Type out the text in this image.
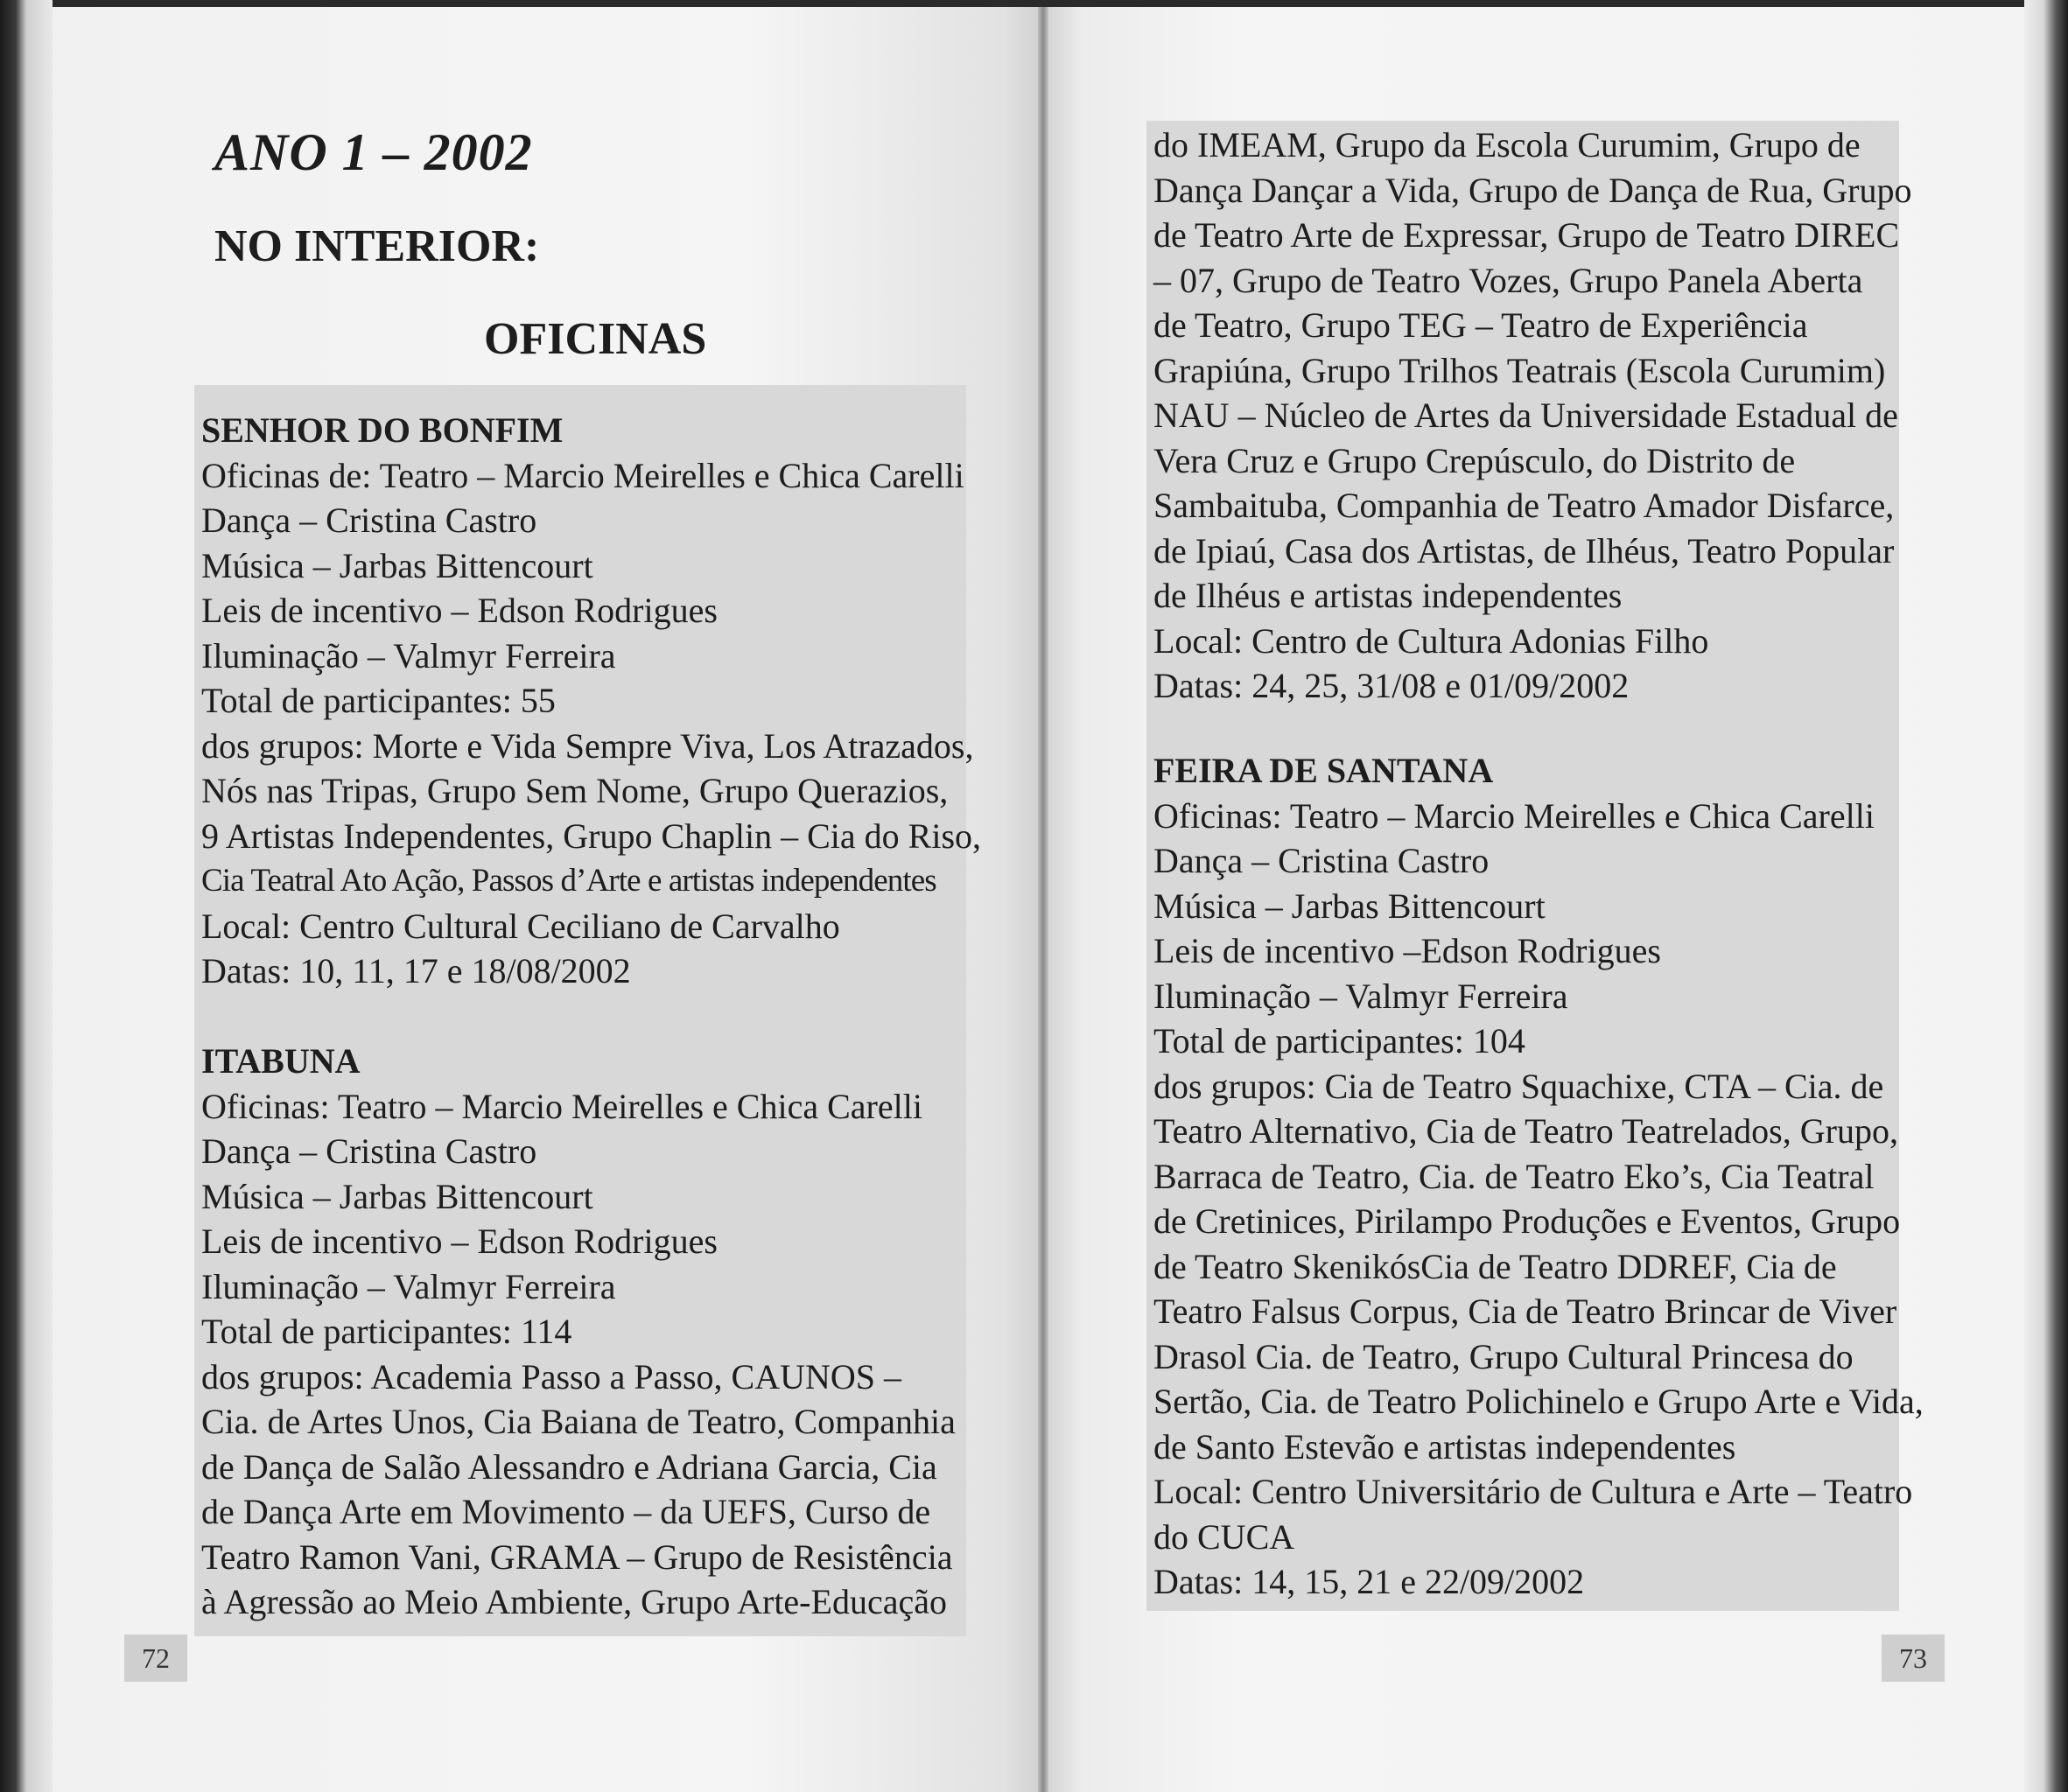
ANO 1 – 2002
NO INTERIOR:
OFICINAS
SENHOR DO BONFIM
Oficinas de: Teatro – Marcio Meirelles e Chica Carelli
Dança – Cristina Castro
Música – Jarbas Bittencourt
Leis de incentivo – Edson Rodrigues
Iluminação – Valmyr Ferreira
Total de participantes: 55
dos grupos: Morte e Vida Sempre Viva, Los Atrazados,
Nós nas Tripas, Grupo Sem Nome, Grupo Querazios,
9 Artistas Independentes, Grupo Chaplin – Cia do Riso,
Cia Teatral Ato Ação, Passos d’Arte e artistas independentes
Local: Centro Cultural Ceciliano de Carvalho
Datas: 10, 11, 17 e 18/08/2002
ITABUNA
Oficinas: Teatro – Marcio Meirelles e Chica Carelli
Dança – Cristina Castro
Música – Jarbas Bittencourt
Leis de incentivo – Edson Rodrigues
Iluminação – Valmyr Ferreira
Total de participantes: 114
dos grupos: Academia Passo a Passo, CAUNOS –
Cia. de Artes Unos, Cia Baiana de Teatro, Companhia
de Dança de Salão Alessandro e Adriana Garcia, Cia
de Dança Arte em Movimento – da UEFS, Curso de
Teatro Ramon Vani, GRAMA – Grupo de Resistência
à Agressão ao Meio Ambiente, Grupo Arte-Educação
72
do IMEAM, Grupo da Escola Curumim, Grupo de
Dança Dançar a Vida, Grupo de Dança de Rua, Grupo
de Teatro Arte de Expressar, Grupo de Teatro DIREC
– 07, Grupo de Teatro Vozes, Grupo Panela Aberta
de Teatro, Grupo TEG – Teatro de Experiência
Grapiúna, Grupo Trilhos Teatrais (Escola Curumim)
NAU – Núcleo de Artes da Universidade Estadual de
Vera Cruz e Grupo Crepúsculo, do Distrito de
Sambaituba, Companhia de Teatro Amador Disfarce,
de Ipiaú, Casa dos Artistas, de Ilhéus, Teatro Popular
de Ilhéus e artistas independentes
Local: Centro de Cultura Adonias Filho
Datas: 24, 25, 31/08 e 01/09/2002
FEIRA DE SANTANA
Oficinas: Teatro – Marcio Meirelles e Chica Carelli
Dança – Cristina Castro
Música – Jarbas Bittencourt
Leis de incentivo –Edson Rodrigues
Iluminação – Valmyr Ferreira
Total de participantes: 104
dos grupos: Cia de Teatro Squachixe, CTA – Cia. de
Teatro Alternativo, Cia de Teatro Teatrelados, Grupo,
Barraca de Teatro, Cia. de Teatro Eko’s, Cia Teatral
de Cretinices, Pirilampo Produções e Eventos, Grupo
de Teatro SkenikósCia de Teatro DDREF, Cia de
Teatro Falsus Corpus, Cia de Teatro Brincar de Viver
Drasol Cia. de Teatro, Grupo Cultural Princesa do
Sertão, Cia. de Teatro Polichinelo e Grupo Arte e Vida,
de Santo Estevão e artistas independentes
Local: Centro Universitário de Cultura e Arte – Teatro
do CUCA
Datas: 14, 15, 21 e 22/09/2002
73
